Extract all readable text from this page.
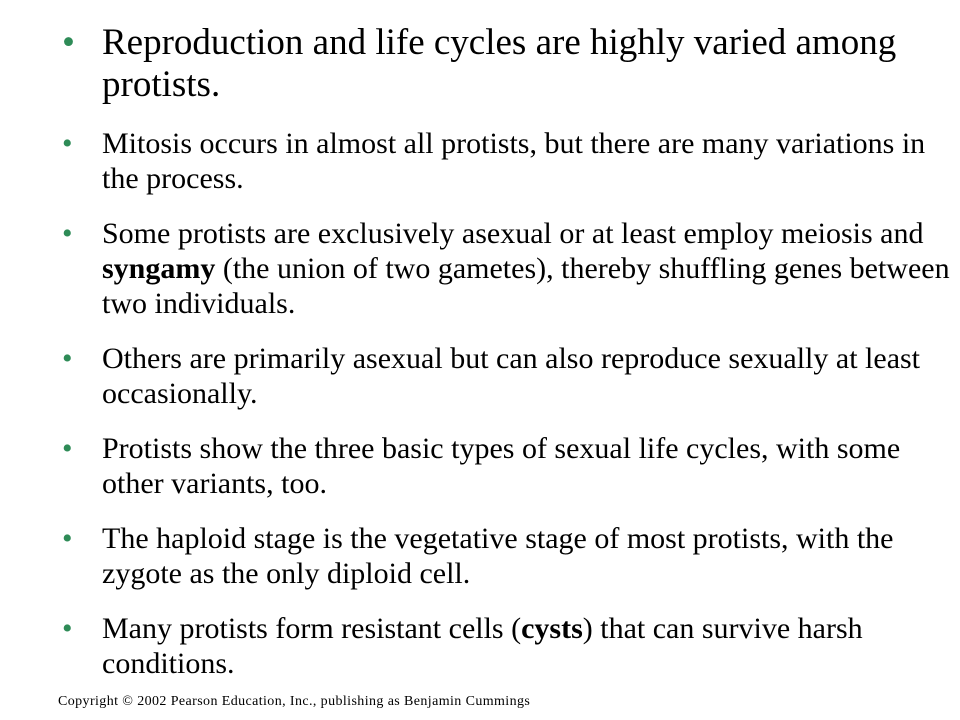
• Reproduction and life cycles are highly varied among protists.
• Mitosis occurs in almost all protists, but there are many variations in the process.
• Some protists are exclusively asexual or at least employ meiosis and syngamy (the union of two gametes), thereby shuffling genes between two individuals.
• Others are primarily asexual but can also reproduce sexually at least occasionally.
• Protists show the three basic types of sexual life cycles, with some other variants, too.
• The haploid stage is the vegetative stage of most protists, with the zygote as the only diploid cell.
• Many protists form resistant cells (cysts) that can survive harsh conditions.
Copyright © 2002 Pearson Education, Inc., publishing as Benjamin Cummings
